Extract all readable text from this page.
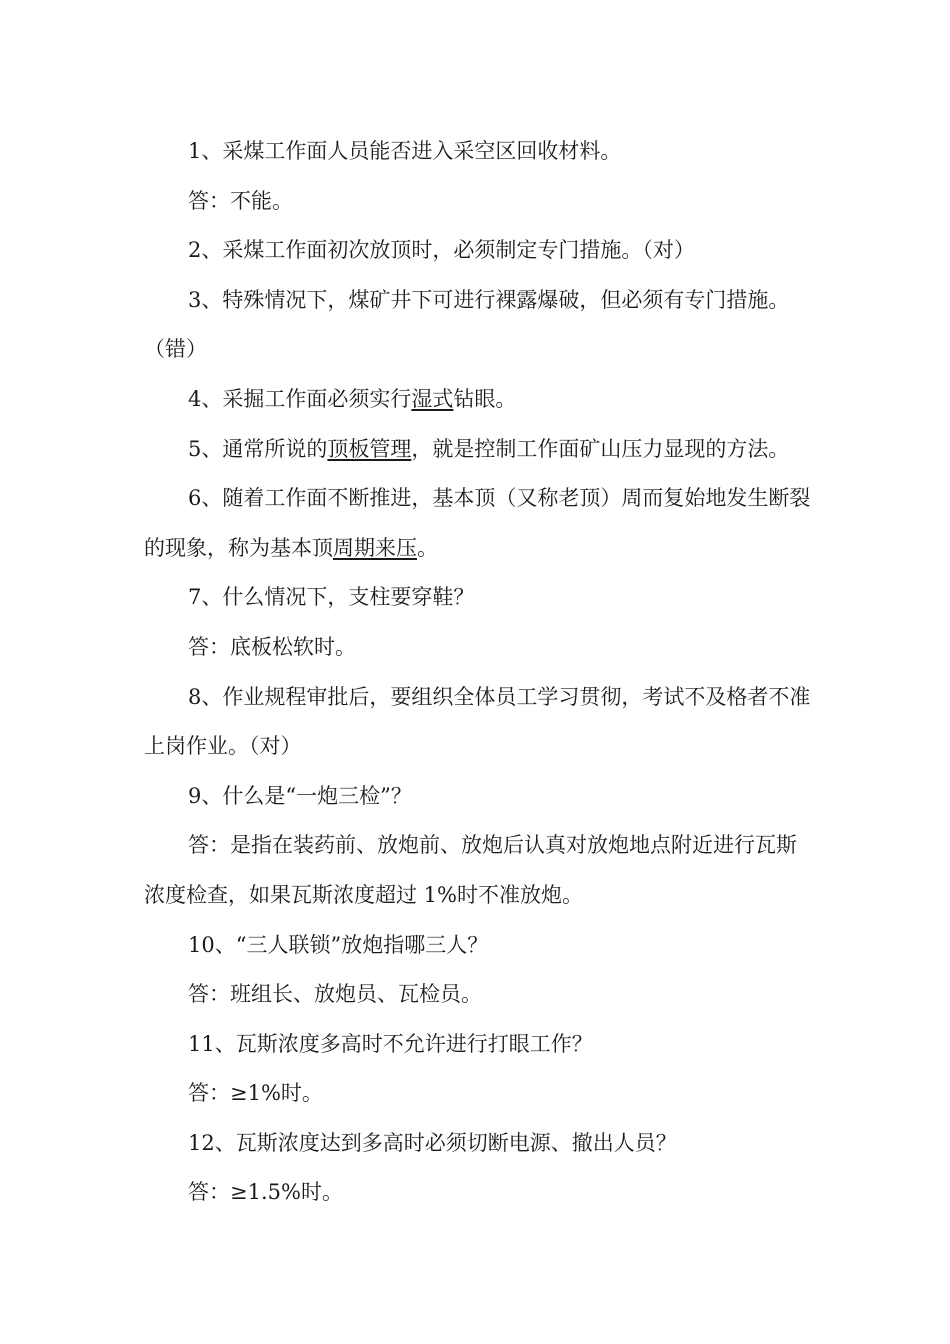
1、采煤工作面人员能否进入采空区回收材料。

答：不能。

2、采煤工作面初次放顶时，必须制定专门措施。（对）

3、特殊情况下，煤矿井下可进行裸露爆破，但必须有专门措施。（错）

4、采掘工作面必须实行湿式钻眼。

5、通常所说的顶板管理，就是控制工作面矿山压力显现的方法。

6、随着工作面不断推进，基本顶（又称老顶）周而复始地发生断裂的现象，称为基本顶周期来压。

7、什么情况下，支柱要穿鞋？

答：底板松软时。

8、作业规程审批后，要组织全体员工学习贯彻，考试不及格者不准上岗作业。（对）

9、什么是“一炮三检”？

答：是指在装药前、放炮前、放炮后认真对放炮地点附近进行瓦斯浓度检查，如果瓦斯浓度超过 1%时不准放炮。

10、“三人联锁”放炮指哪三人？

答：班组长、放炮员、瓦检员。

11、瓦斯浓度多高时不允许进行打眼工作？

答：≥1%时。

12、瓦斯浓度达到多高时必须切断电源、撤出人员？

答：≥1.5%时。
